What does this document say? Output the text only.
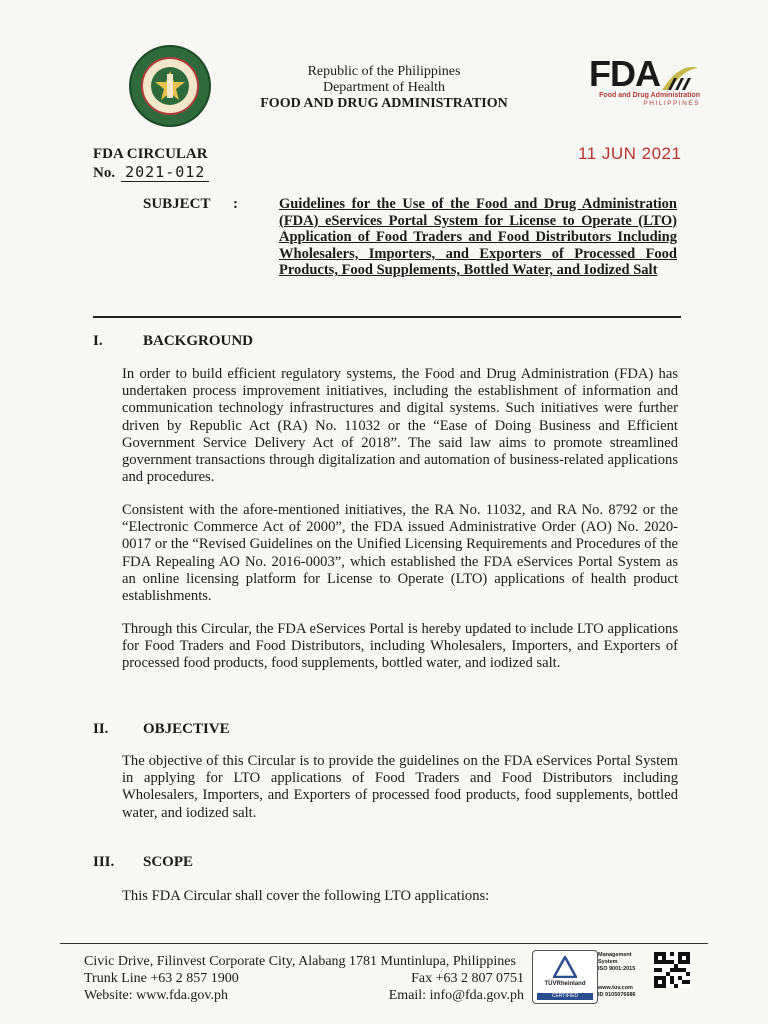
Republic of the Philippines
Department of Health
FOOD AND DRUG ADMINISTRATION
FDA
Food and Drug Administration
PHILIPPINES
FDA CIRCULAR
No. 2021-012
11 JUN 2021
SUBJECT :	Guidelines for the Use of the Food and Drug Administration (FDA) eServices Portal System for License to Operate (LTO) Application of Food Traders and Food Distributors Including Wholesalers, Importers, and Exporters of Processed Food Products, Food Supplements, Bottled Water, and Iodized Salt
I.	BACKGROUND
In order to build efficient regulatory systems, the Food and Drug Administration (FDA) has undertaken process improvement initiatives, including the establishment of information and communication technology infrastructures and digital systems. Such initiatives were further driven by Republic Act (RA) No. 11032 or the “Ease of Doing Business and Efficient Government Service Delivery Act of 2018”. The said law aims to promote streamlined government transactions through digitalization and automation of business-related applications and procedures.
Consistent with the afore-mentioned initiatives, the RA No. 11032, and RA No. 8792 or the “Electronic Commerce Act of 2000”, the FDA issued Administrative Order (AO) No. 2020-0017 or the “Revised Guidelines on the Unified Licensing Requirements and Procedures of the FDA Repealing AO No. 2016-0003”, which established the FDA eServices Portal System as an online licensing platform for License to Operate (LTO) applications of health product establishments.
Through this Circular, the FDA eServices Portal is hereby updated to include LTO applications for Food Traders and Food Distributors, including Wholesalers, Importers, and Exporters of processed food products, food supplements, bottled water, and iodized salt.
II. OBJECTIVE
The objective of this Circular is to provide the guidelines on the FDA eServices Portal System in applying for LTO applications of Food Traders and Food Distributors including Wholesalers, Importers, and Exporters of processed food products, food supplements, bottled water, and iodized salt.
III. SCOPE
This FDA Circular shall cover the following LTO applications:
Civic Drive, Filinvest Corporate City, Alabang 1781 Muntinlupa, Philippines
Trunk Line +63 2 857 1900	Fax +63 2 807 0751
Website: www.fda.gov.ph	Email: info@fda.gov.ph
TÜVRheinland
CERTIFIED
Management
System
ISO 9001:2015
www.tuv.com
ID 9105076686
